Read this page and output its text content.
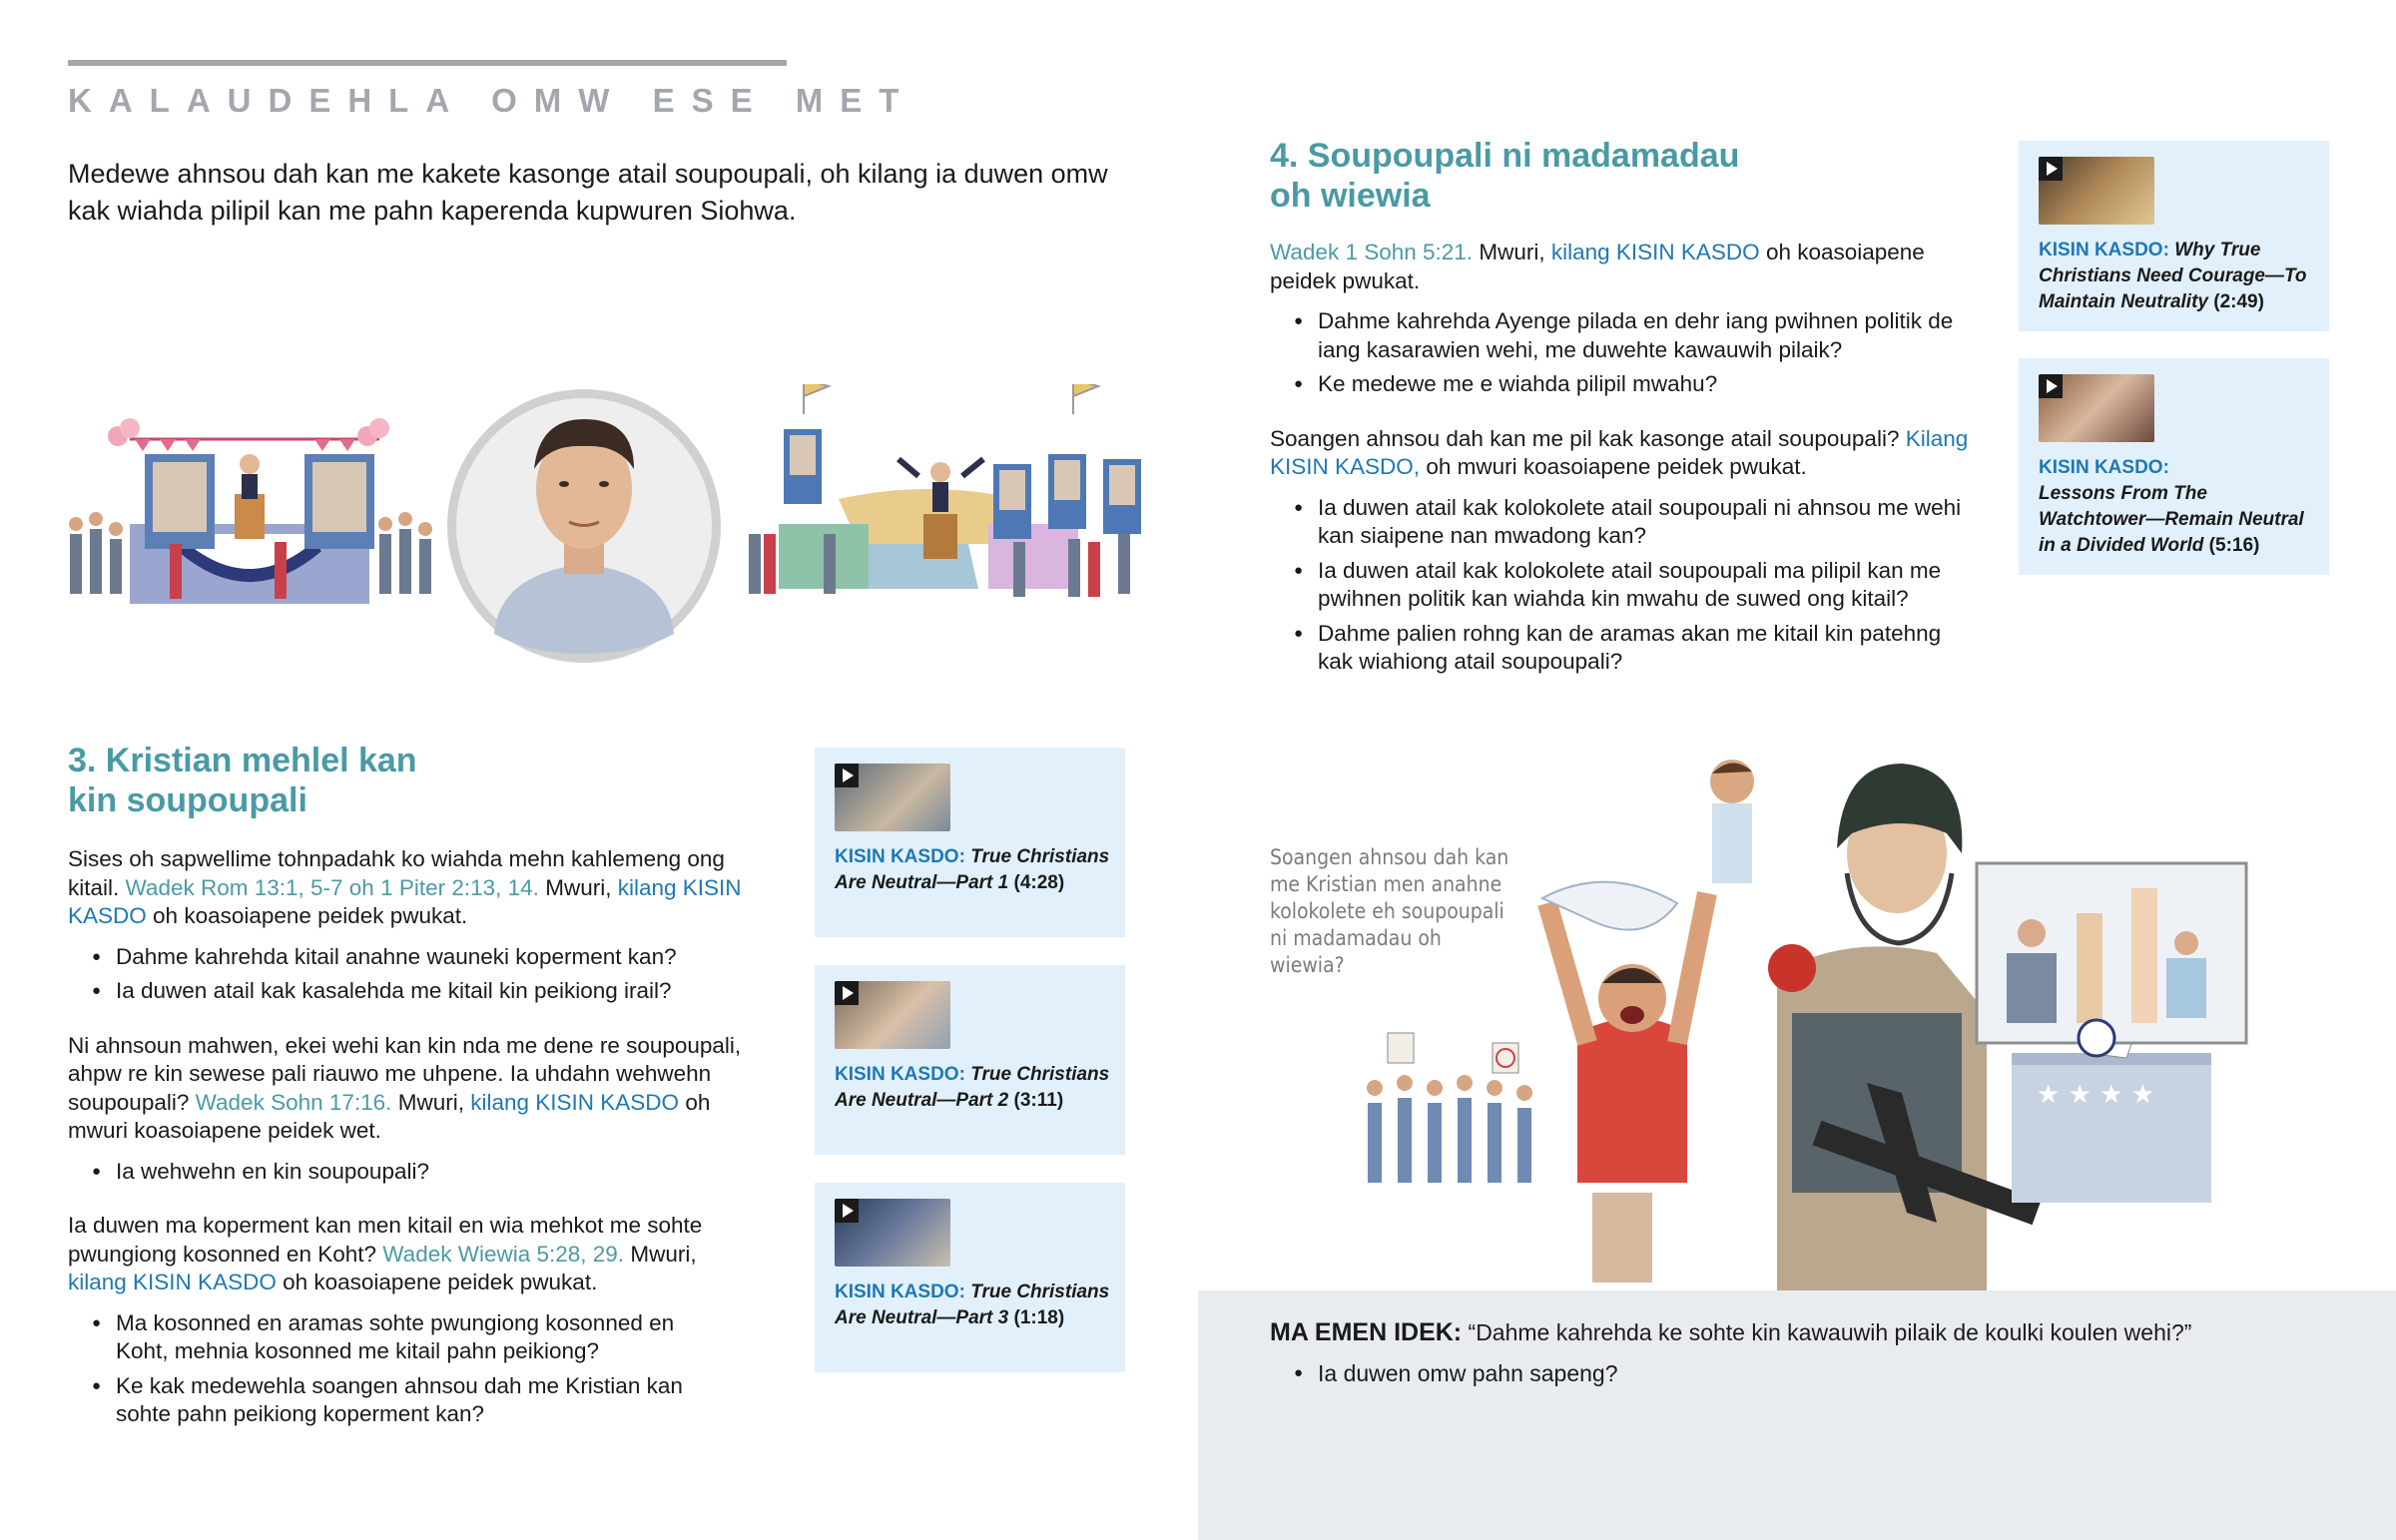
KALAUDEHLA OMW ESE MET
Medewe ahnsou dah kan me kakete kasonge atail soupoupali, oh kilang ia duwen omw kak wiahda pilipil kan me pahn kaperenda kupwuren Siohwa.
3. Kristian mehlel kan
kin soupoupali

Sises oh sapwellime tohnpadahk ko wiahda mehn kahlemeng ong kitail. Wadek Rom 13:1, 5-7 oh 1 Piter 2:13, 14. Mwuri, kilang KISIN KASDO oh koasoiapene peidek pwukat.

● Dahme kahrehda kitail anahne wauneki koperment kan?
● Ia duwen atail kak kasalehda me kitail kin peikiong irail?

Ni ahnsoun mahwen, ekei wehi kan kin nda me dene re soupoupali, ahpw re kin sewese pali riauwo me uhpene. Ia uhdahn wehwehn soupoupali? Wadek Sohn 17:16. Mwuri, kilang KISIN KASDO oh mwuri koasoiapene peidek wet.

● Ia wehwehn en kin soupoupali?

Ia duwen ma koperment kan men kitail en wia mehkot me sohte pwungiong kosonned en Koht? Wadek Wiewia 5:28, 29. Mwuri, kilang KISIN KASDO oh koasoiapene peidek pwukat.

● Ma kosonned en aramas sohte pwungiong kosonned en Koht, mehnia kosonned me kitail pahn peikiong?
● Ke kak medewehla soangen ahnsou dah me Kristian kan sohte pahn peikiong koperment kan?
KISIN KASDO: True Christians Are Neutral—Part 1 (4:28)
KISIN KASDO: True Christians Are Neutral—Part 2 (3:11)
KISIN KASDO: True Christians Are Neutral—Part 3 (1:18)
4. Soupoupali ni madamadau
oh wiewia

Wadek 1 Sohn 5:21. Mwuri, kilang KISIN KASDO oh koasoiapene peidek pwukat.

● Dahme kahrehda Ayenge pilada en dehr iang pwihnen politik de iang kasarawien wehi, me duwehte kawauwih pilaik?
● Ke medewe me e wiahda pilipil mwahu?

Soangen ahnsou dah kan me pil kak kasonge atail soupoupali? Kilang KISIN KASDO, oh mwuri koasoiapene peidek pwukat.

● Ia duwen atail kak kolokolete atail soupoupali ni ahnsou me wehi kan siaipene nan mwadong kan?
● Ia duwen atail kak kolokolete atail soupoupali ma pilipil kan me pwihnen politik kan wiahda kin mwahu de suwed ong kitail?
● Dahme palien rohng kan de aramas akan me kitail kin patehng kak wiahiong atail soupoupali?
KISIN KASDO: Why True Christians Need Courage—To Maintain Neutrality (2:49)
KISIN KASDO:
Lessons From The Watchtower—Remain Neutral in a Divided World (5:16)
Soangen ahnsou dah kan me Kristian men anahne kolokolete eh soupoupali ni madamadau oh wiewia?
★ ★ ★ ★

MA EMEN IDEK: “Dahme kahrehda ke sohte kin kawauwih pilaik de koulki koulen wehi?”

● Ia duwen omw pahn sapeng?
